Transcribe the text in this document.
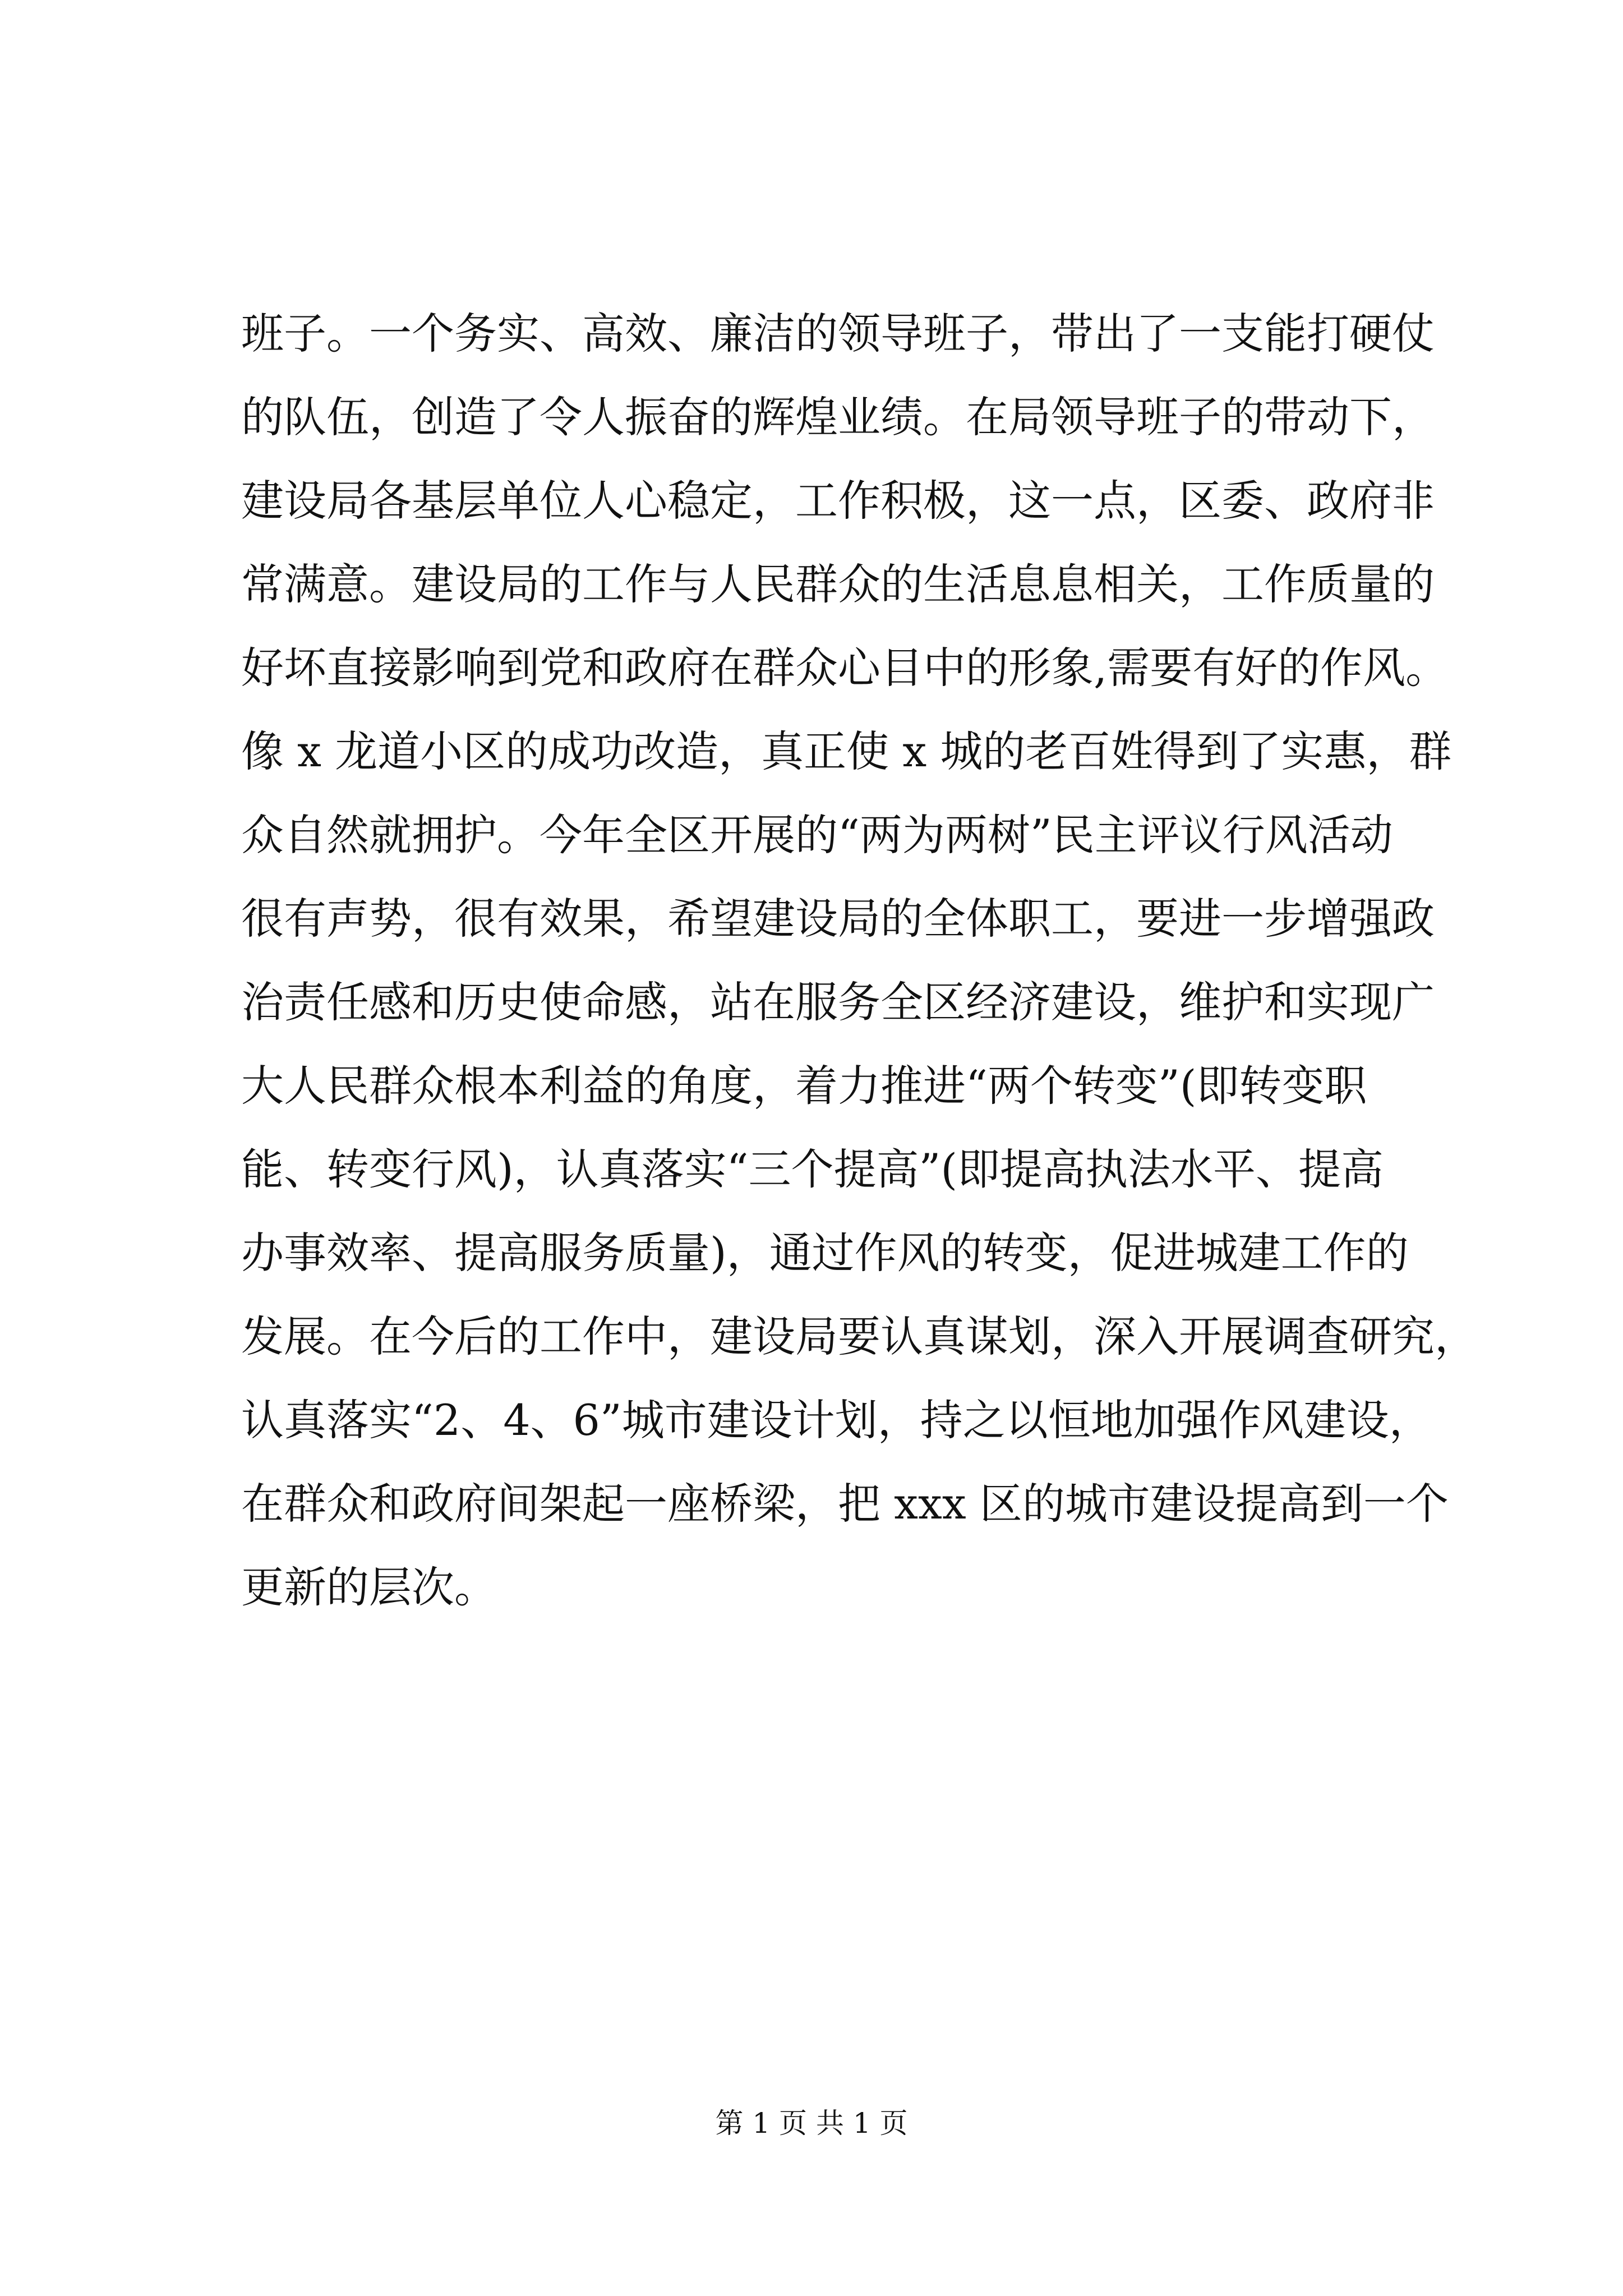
班子。一个务实、高效、廉洁的领导班子，带出了一支能打硬仗
的队伍，创造了令人振奋的辉煌业绩。在局领导班子的带动下，
建设局各基层单位人心稳定，工作积极，这一点，区委、政府非
常满意。建设局的工作与人民群众的生活息息相关，工作质量的
好坏直接影响到党和政府在群众心目中的形象,需要有好的作风。
像 x 龙道小区的成功改造，真正使 x 城的老百姓得到了实惠，群
众自然就拥护。今年全区开展的“两为两树”民主评议行风活动
很有声势，很有效果，希望建设局的全体职工，要进一步增强政
治责任感和历史使命感，站在服务全区经济建设，维护和实现广
大人民群众根本利益的角度，着力推进“两个转变”(即转变职
能、转变行风)，认真落实“三个提高”(即提高执法水平、提高
办事效率、提高服务质量)，通过作风的转变，促进城建工作的
发展。在今后的工作中，建设局要认真谋划，深入开展调查研究，
认真落实“2、4、6”城市建设计划，持之以恒地加强作风建设，
在群众和政府间架起一座桥梁，把 xxx 区的城市建设提高到一个
更新的层次。
第 1 页 共 1 页
